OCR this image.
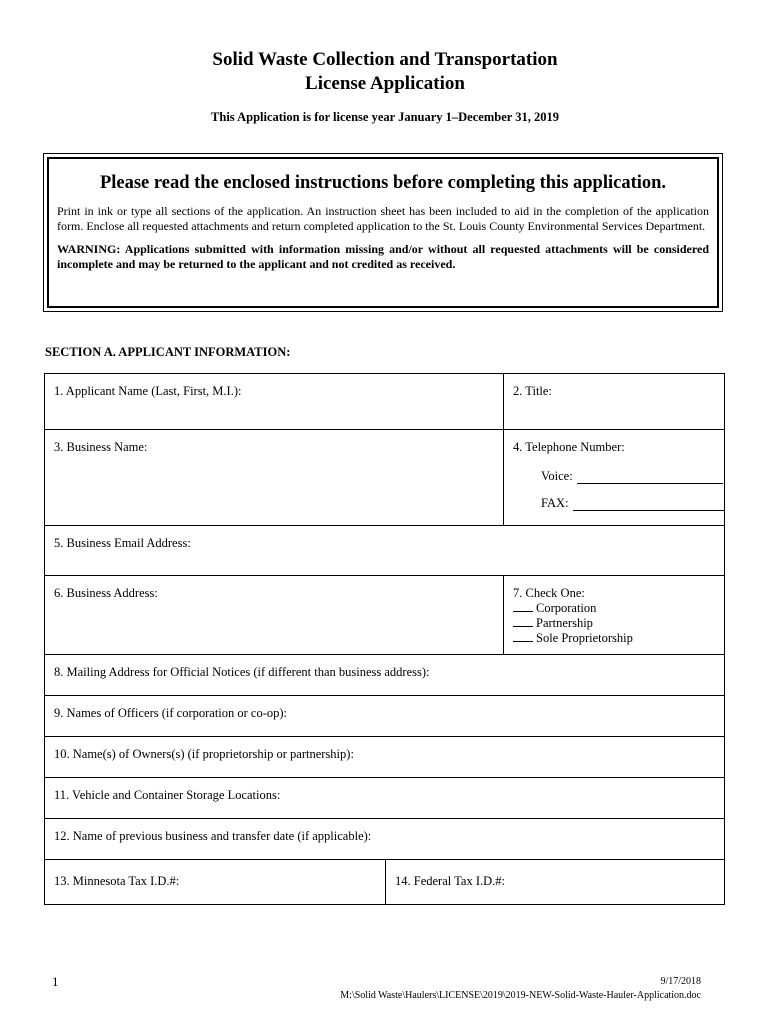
Solid Waste Collection and Transportation
License Application
This Application is for license year January 1–December 31, 2019
Please read the enclosed instructions before completing this application.

Print in ink or type all sections of the application. An instruction sheet has been included to aid in the completion of the application form. Enclose all requested attachments and return completed application to the St. Louis County Environmental Services Department.

WARNING: Applications submitted with information missing and/or without all requested attachments will be considered incomplete and may be returned to the applicant and not credited as received.

SECTION A. APPLICANT INFORMATION:
1. Applicant Name (Last, First, M.I.):	2. Title:
3. Business Name:	4. Telephone Number:
Voice:
FAX:
5. Business Email Address:
6. Business Address:	7. Check One:
Corporation
Partnership
Sole Proprietorship
8. Mailing Address for Official Notices (if different than business address):
9. Names of Officers (if corporation or co-op):
10. Name(s) of Owners(s) (if proprietorship or partnership):
11. Vehicle and Container Storage Locations:
12. Name of previous business and transfer date (if applicable):
13. Minnesota Tax I.D.#:	14. Federal Tax I.D.#:
1	9/17/2018
M:\Solid Waste\Haulers\LICENSE\2019\2019-NEW-Solid-Waste-Hauler-Application.doc
